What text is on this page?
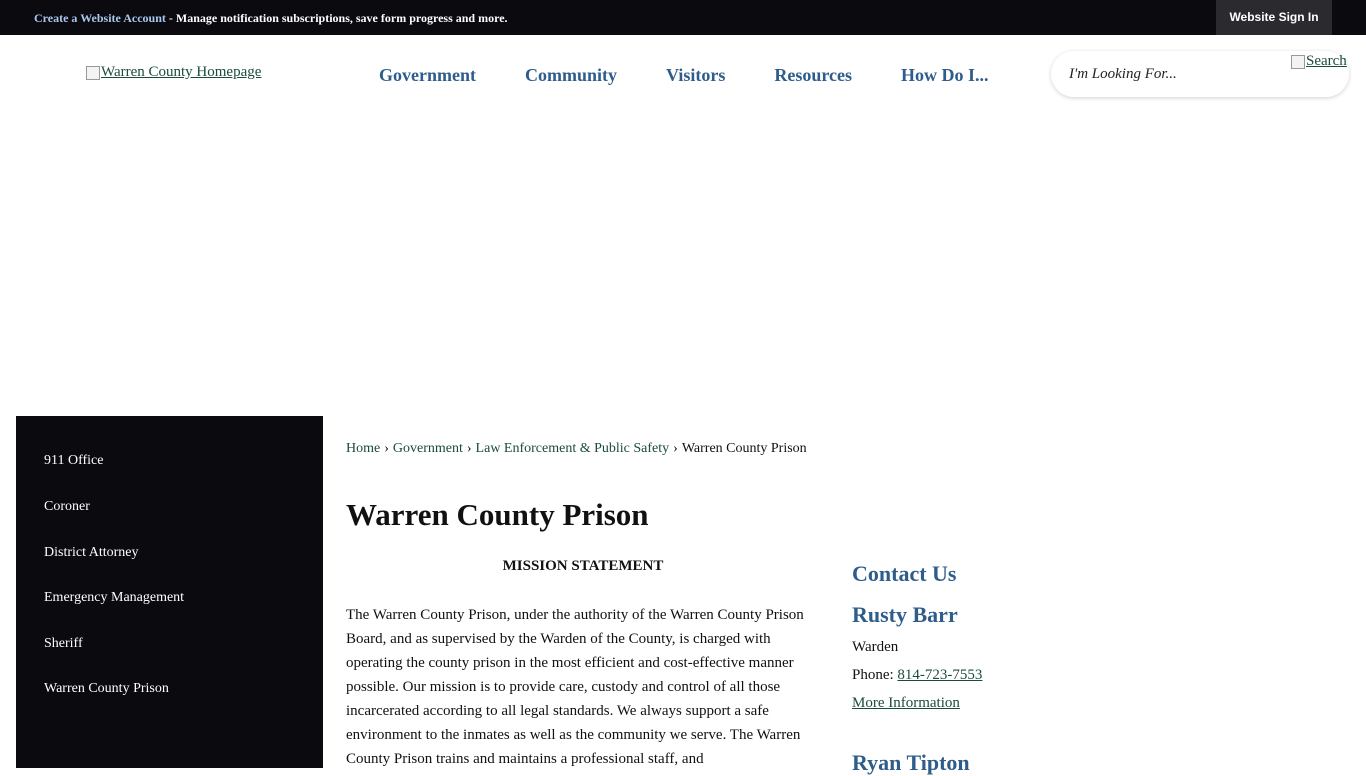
Create a Website Account - Manage notification subscriptions, save form progress and more.	Website Sign In
Warren County Homepage	Government	Community	Visitors	Resources	How Do I...
I'm Looking For...
Search
911 Office
Coroner
District Attorney
Emergency Management
Sheriff
Warren County Prison
Home › Government › Law Enforcement & Public Safety › Warren County Prison
Warren County Prison
MISSION STATEMENT

The Warren County Prison, under the authority of the Warren County Prison Board, and as supervised by the Warden of the County, is charged with operating the county prison in the most efficient and cost-effective manner possible. Our mission is to provide care, custody and control of all those incarcerated according to all legal standards. We always support a safe environment to the inmates as well as the community we serve. The Warren County Prison trains and maintains a professional staff, and

Contact Us
Rusty Barr
Warden
Phone: 814-723-7553
More Information
Ryan Tipton
